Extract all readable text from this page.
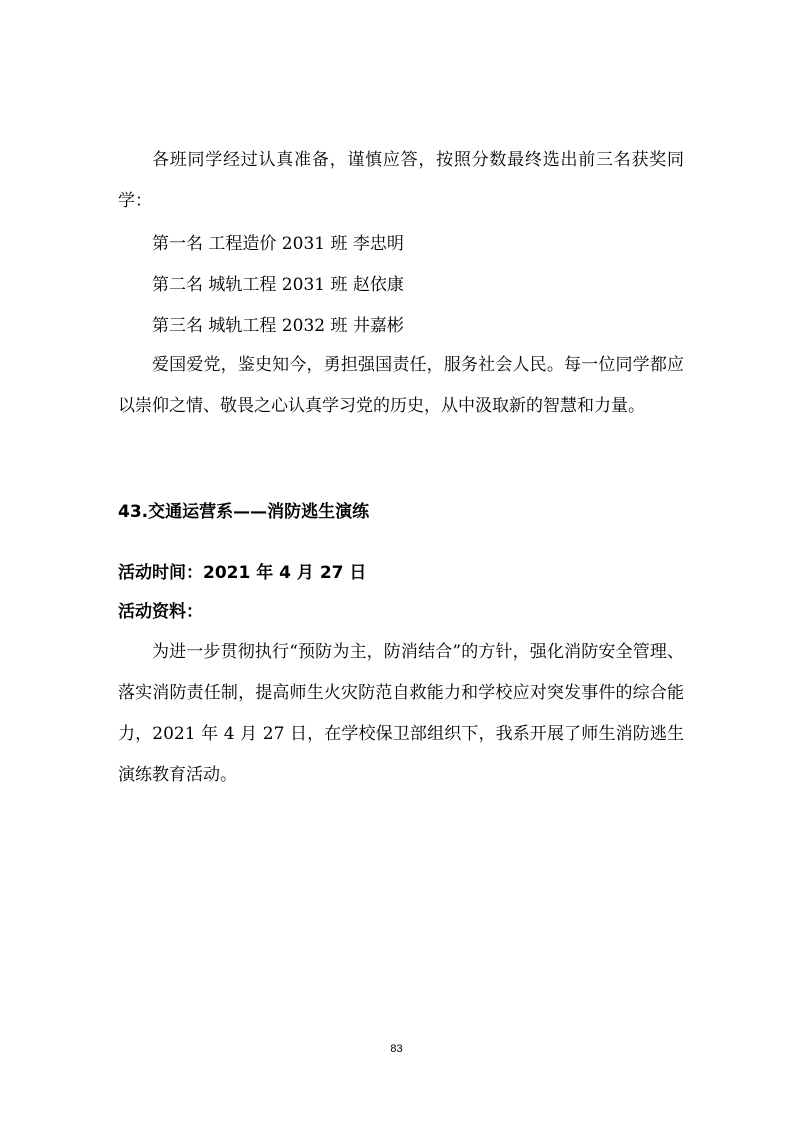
各班同学经过认真准备，谨慎应答，按照分数最终选出前三名获奖同学：

第一名 工程造价 2031 班 李忠明

第二名 城轨工程 2031 班 赵依康

第三名 城轨工程 2032 班 井嘉彬

爱国爱党，鉴史知今，勇担强国责任，服务社会人民。每一位同学都应以崇仰之情、敬畏之心认真学习党的历史，从中汲取新的智慧和力量。

43.交通运营系——消防逃生演练

活动时间：2021 年 4 月 27 日

活动资料：

为进一步贯彻执行“预防为主，防消结合”的方针，强化消防安全管理、落实消防责任制，提高师生火灾防范自救能力和学校应对突发事件的综合能力，2021 年 4 月 27 日，在学校保卫部组织下，我系开展了师生消防逃生演练教育活动。

83
